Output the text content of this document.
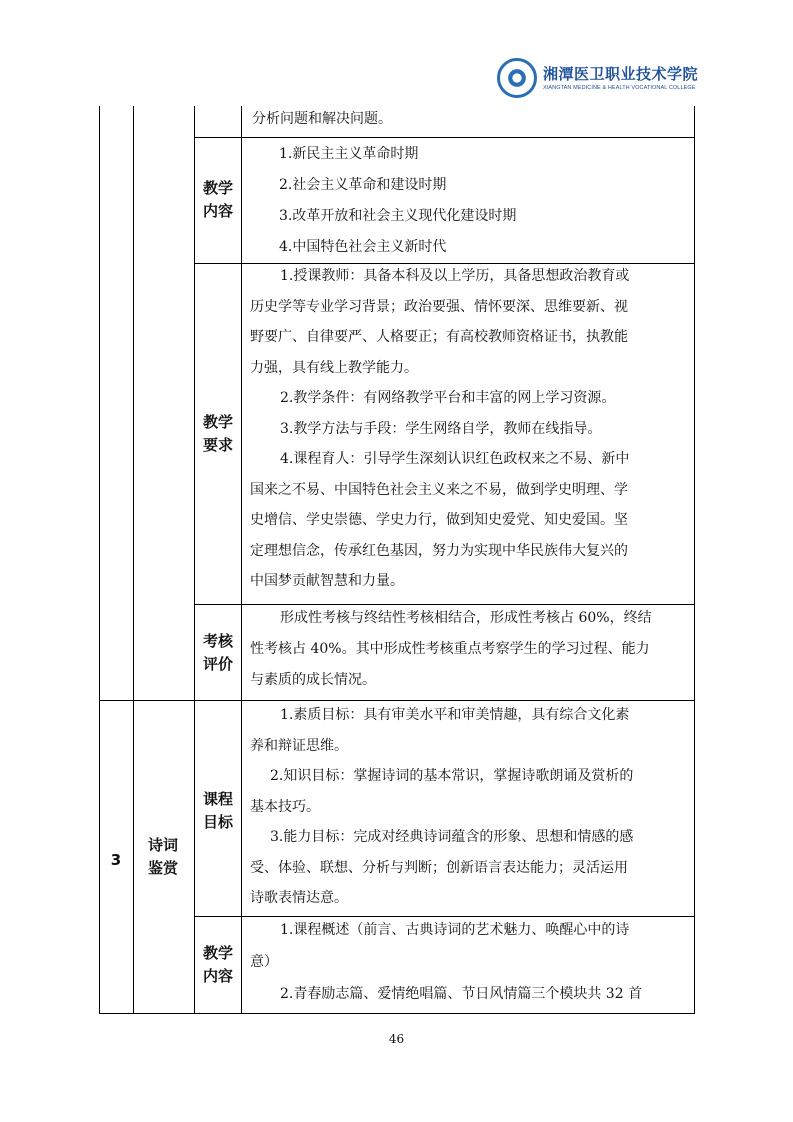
湘潭医卫职业技术学院
XIANGTAN MEDICINE & HEALTH VOCATIONAL COLLEGE
分析问题和解决问题。
教学
内容
1.新民主主义革命时期
2.社会主义革命和建设时期
3.改革开放和社会主义现代化建设时期
4.中国特色社会主义新时代
教学
要求
1.授课教师：具备本科及以上学历，具备思想政治教育或
历史学等专业学习背景；政治要强、情怀要深、思维要新、视
野要广、自律要严、人格要正；有高校教师资格证书，执教能
力强，具有线上教学能力。
2.教学条件：有网络教学平台和丰富的网上学习资源。
3.教学方法与手段：学生网络自学，教师在线指导。
4.课程育人：引导学生深刻认识红色政权来之不易、新中
国来之不易、中国特色社会主义来之不易，做到学史明理、学
史增信、学史崇德、学史力行，做到知史爱党、知史爱国。坚
定理想信念，传承红色基因，努力为实现中华民族伟大复兴的
中国梦贡献智慧和力量。
考核
评价
形成性考核与终结性考核相结合，形成性考核占 60%，终结
性考核占 40%。其中形成性考核重点考察学生的学习过程、能力
与素质的成长情况。
3
诗词
鉴赏
课程
目标
1.素质目标：具有审美水平和审美情趣，具有综合文化素
养和辩证思维。
2.知识目标：掌握诗词的基本常识，掌握诗歌朗诵及赏析的
基本技巧。
3.能力目标：完成对经典诗词蕴含的形象、思想和情感的感
受、体验、联想、分析与判断；创新语言表达能力；灵活运用
诗歌表情达意。
教学
内容
1.课程概述（前言、古典诗词的艺术魅力、唤醒心中的诗
意）
2.青春励志篇、爱情绝唱篇、节日风情篇三个模块共 32 首
46
